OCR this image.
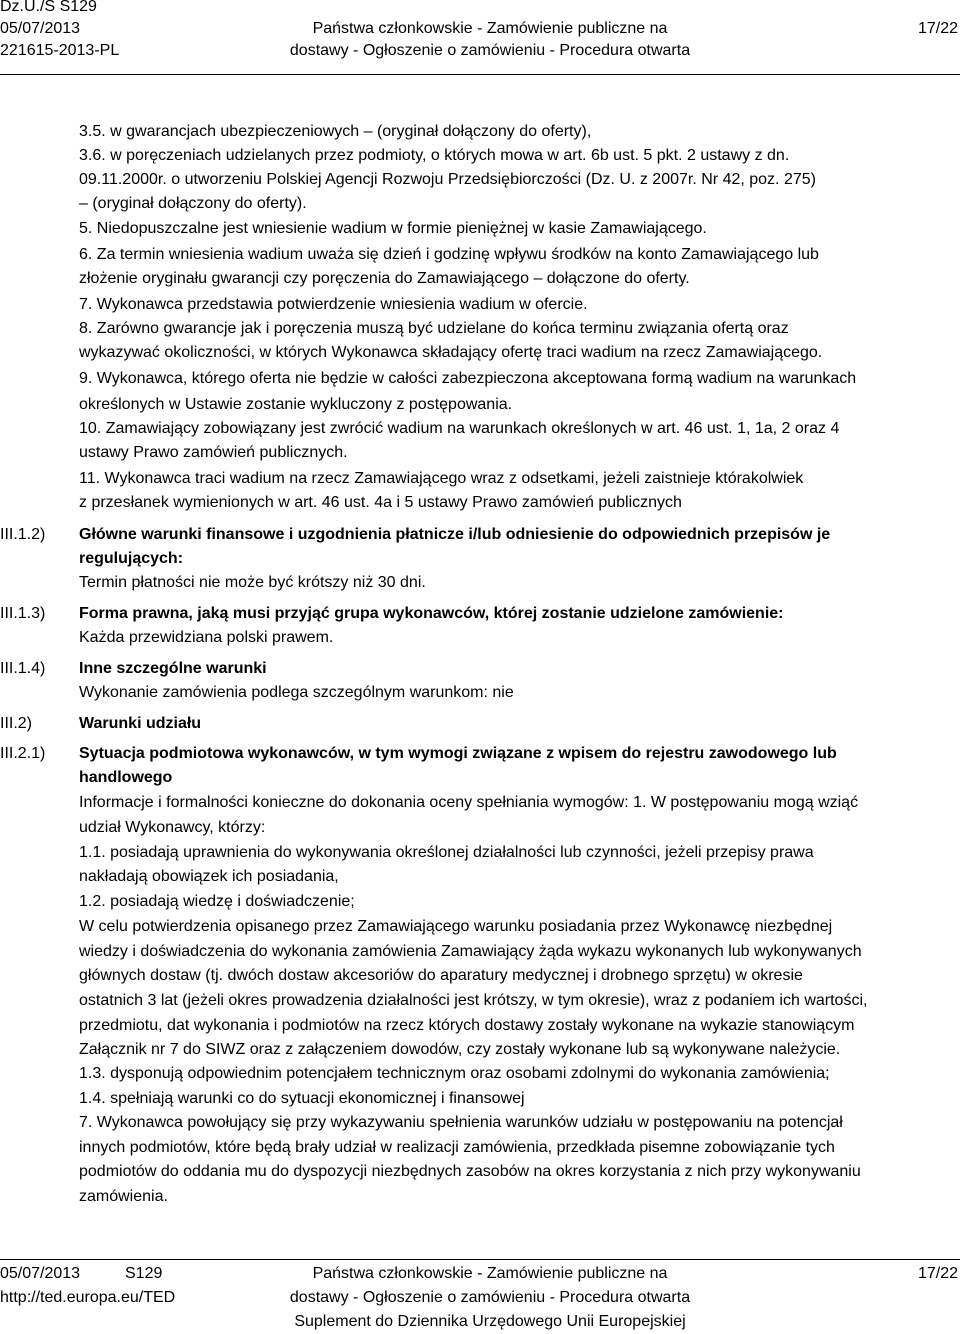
Dz.U./S S129
05/07/2013
221615-2013-PL
Państwa członkowskie - Zamówienie publiczne na
dostawy - Ogłoszenie o zamówieniu - Procedura otwarta
17/22
3.5. w gwarancjach ubezpieczeniowych – (oryginał dołączony do oferty),
3.6. w poręczeniach udzielanych przez podmioty, o których mowa w art. 6b ust. 5 pkt. 2 ustawy z dn.
09.11.2000r. o utworzeniu Polskiej Agencji Rozwoju Przedsiębiorczości (Dz. U. z 2007r. Nr 42, poz. 275)
– (oryginał dołączony do oferty).
5. Niedopuszczalne jest wniesienie wadium w formie pieniężnej w kasie Zamawiającego.
6. Za termin wniesienia wadium uważa się dzień i godzinę wpływu środków na konto Zamawiającego lub
złożenie oryginału gwarancji czy poręczenia do Zamawiającego – dołączone do oferty.
7. Wykonawca przedstawia potwierdzenie wniesienia wadium w ofercie.
8. Zarówno gwarancje jak i poręczenia muszą być udzielane do końca terminu związania ofertą oraz
wykazywać okoliczności, w których Wykonawca składający ofertę traci wadium na rzecz Zamawiającego.
9. Wykonawca, którego oferta nie będzie w całości zabezpieczona akceptowana formą wadium na warunkach
określonych w Ustawie zostanie wykluczony z postępowania.
10. Zamawiający zobowiązany jest zwrócić wadium na warunkach określonych w art. 46 ust. 1, 1a, 2 oraz 4
ustawy Prawo zamówień publicznych.
11. Wykonawca traci wadium na rzecz Zamawiającego wraz z odsetkami, jeżeli zaistnieje którakolwiek
z przesłanek wymienionych w art. 46 ust. 4a i 5 ustawy Prawo zamówień publicznych
III.1.2) Główne warunki finansowe i uzgodnienia płatnicze i/lub odniesienie do odpowiednich przepisów je
regulujących:
Termin płatności nie może być krótszy niż 30 dni.
III.1.3) Forma prawna, jaką musi przyjąć grupa wykonawców, której zostanie udzielone zamówienie:
Każda przewidziana polski prawem.
III.1.4) Inne szczególne warunki
Wykonanie zamówienia podlega szczególnym warunkom: nie
III.2)	Warunki udziału
III.2.1) Sytuacja podmiotowa wykonawców, w tym wymogi związane z wpisem do rejestru zawodowego lub
handlowego
Informacje i formalności konieczne do dokonania oceny spełniania wymogów: 1. W postępowaniu mogą wziąć
udział Wykonawcy, którzy:
1.1. posiadają uprawnienia do wykonywania określonej działalności lub czynności, jeżeli przepisy prawa
nakładają obowiązek ich posiadania,
1.2. posiadają wiedzę i doświadczenie;
W celu potwierdzenia opisanego przez Zamawiającego warunku posiadania przez Wykonawcę niezbędnej
wiedzy i doświadczenia do wykonania zamówienia Zamawiający żąda wykazu wykonanych lub wykonywanych
głównych dostaw (tj. dwóch dostaw akcesoriów do aparatury medycznej i drobnego sprzętu) w okresie
ostatnich 3 lat (jeżeli okres prowadzenia działalności jest krótszy, w tym okresie), wraz z podaniem ich wartości,
przedmiotu, dat wykonania i podmiotów na rzecz których dostawy zostały wykonane na wykazie stanowiącym
Załącznik nr 7 do SIWZ oraz z załączeniem dowodów, czy zostały wykonane lub są wykonywane należycie.
1.3. dysponują odpowiednim potencjałem technicznym oraz osobami zdolnymi do wykonania zamówienia;
1.4. spełniają warunki co do sytuacji ekonomicznej i finansowej
7. Wykonawca powołujący się przy wykazywaniu spełnienia warunków udziału w postępowaniu na potencjał
innych podmiotów, które będą brały udział w realizacji zamówienia, przedkłada pisemne zobowiązanie tych
podmiotów do oddania mu do dyspozycji niezbędnych zasobów na okres korzystania z nich przy wykonywaniu
zamówienia.
05/07/2013	S129
http://ted.europa.eu/TED
Państwa członkowskie - Zamówienie publiczne na
dostawy - Ogłoszenie o zamówieniu - Procedura otwarta
Suplement do Dziennika Urzędowego Unii Europejskiej
17/22
